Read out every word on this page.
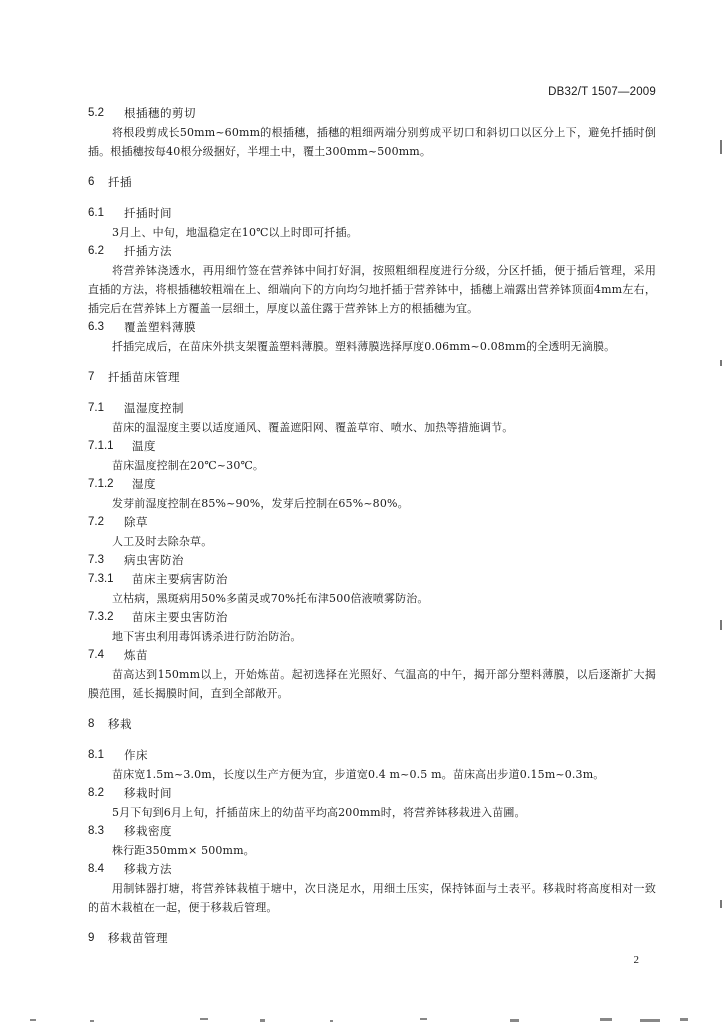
DB32/T 1507—2009
5.2	根插穗的剪切

将根段剪成长50mm~60mm的根插穗，插穗的粗细两端分别剪成平切口和斜切口以区分上下，避免扦插时倒插。根插穗按每40根分级捆好，半埋土中，覆土300mm~500mm。

6	扦插
6.1	扦插时间

3月上、中旬，地温稳定在10℃以上时即可扦插。

6.2	扦插方法

将营养钵浇透水，再用细竹签在营养钵中间打好洞，按照粗细程度进行分级，分区扦插，便于插后管理，采用直插的方法，将根插穗较粗端在上、细端向下的方向均匀地扦插于营养钵中，插穗上端露出营养钵顶面4mm左右，插完后在营养钵上方覆盖一层细土，厚度以盖住露于营养钵上方的根插穗为宜。

6.3	覆盖塑料薄膜

扦插完成后，在苗床外拱支架覆盖塑料薄膜。塑料薄膜选择厚度0.06mm~0.08mm的全透明无滴膜。

7	扦插苗床管理
7.1	温湿度控制

苗床的温湿度主要以适度通风、覆盖遮阳网、覆盖草帘、喷水、加热等措施调节。

7.1.1	温度

苗床温度控制在20℃~30℃。

7.1.2	湿度

发芽前湿度控制在85%~90%，发芽后控制在65%~80%。

7.2	除草

人工及时去除杂草。

7.3	病虫害防治
7.3.1	苗床主要病害防治

立枯病，黑斑病用50%多菌灵或70%托布津500倍液喷雾防治。

7.3.2	苗床主要虫害防治

地下害虫利用毒饵诱杀进行防治防治。

7.4	炼苗

苗高达到150mm以上，开始炼苗。起初选择在光照好、气温高的中午，揭开部分塑料薄膜，以后逐渐扩大揭膜范围，延长揭膜时间，直到全部敞开。

8	移栽
8.1	作床

苗床宽1.5m~3.0m，长度以生产方便为宜，步道宽0.4 m~0.5 m。苗床高出步道0.15m~0.3m。

8.2	移栽时间

5月下旬到6月上旬，扦插苗床上的幼苗平均高200mm时，将营养钵移栽进入苗圃。

8.3	移栽密度

株行距350mm× 500mm。

8.4	移栽方法

用制钵器打塘，将营养钵栽植于塘中，次日浇足水，用细土压实，保持钵面与土表平。移栽时将高度相对一致的苗木栽植在一起，便于移栽后管理。

9	移栽苗管理
2
